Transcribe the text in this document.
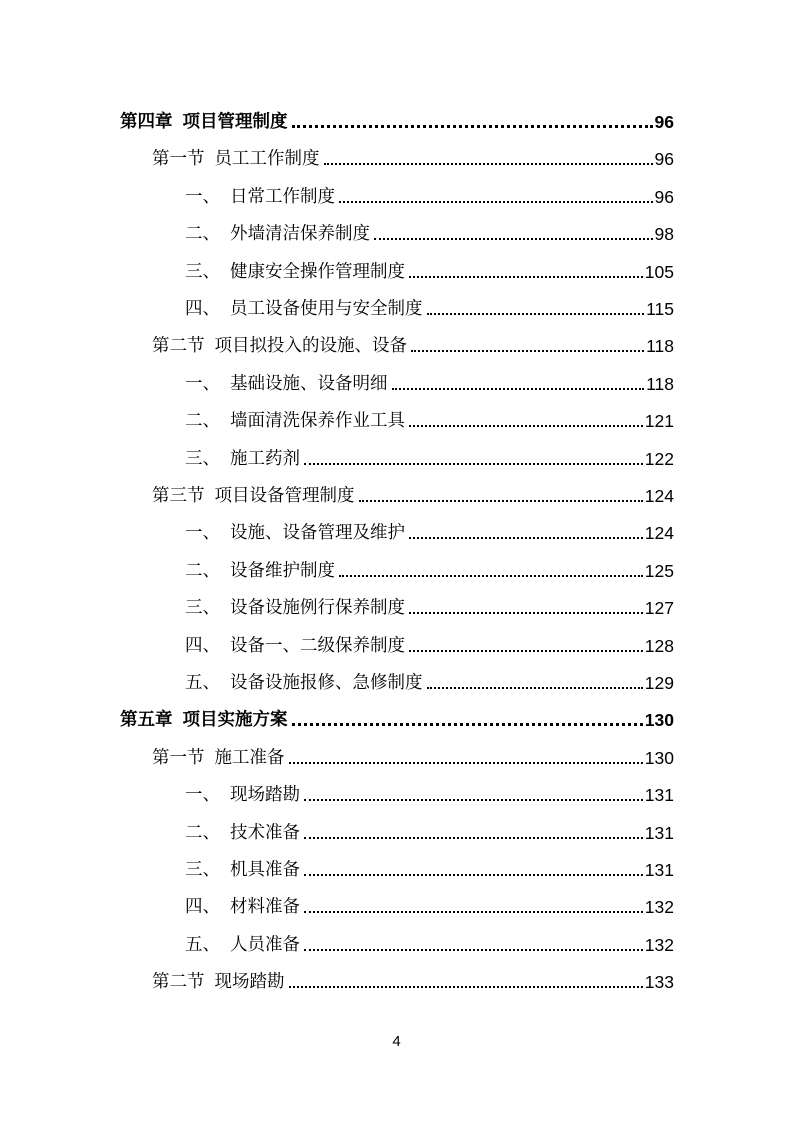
第四章 项目管理制度	96
第一节 员工工作制度	96
一、 日常工作制度	96
二、 外墙清洁保养制度	98
三、 健康安全操作管理制度	105
四、 员工设备使用与安全制度	115
第二节 项目拟投入的设施、设备	118
一、 基础设施、设备明细	118
二、 墙面清洗保养作业工具	121
三、 施工药剂	122
第三节 项目设备管理制度	124
一、 设施、设备管理及维护	124
二、 设备维护制度	125
三、 设备设施例行保养制度	127
四、 设备一、二级保养制度	128
五、 设备设施报修、急修制度	129
第五章 项目实施方案	130
第一节 施工准备	130
一、 现场踏勘	131
二、 技术准备	131
三、 机具准备	131
四、 材料准备	132
五、 人员准备	132
第二节 现场踏勘	133
4
